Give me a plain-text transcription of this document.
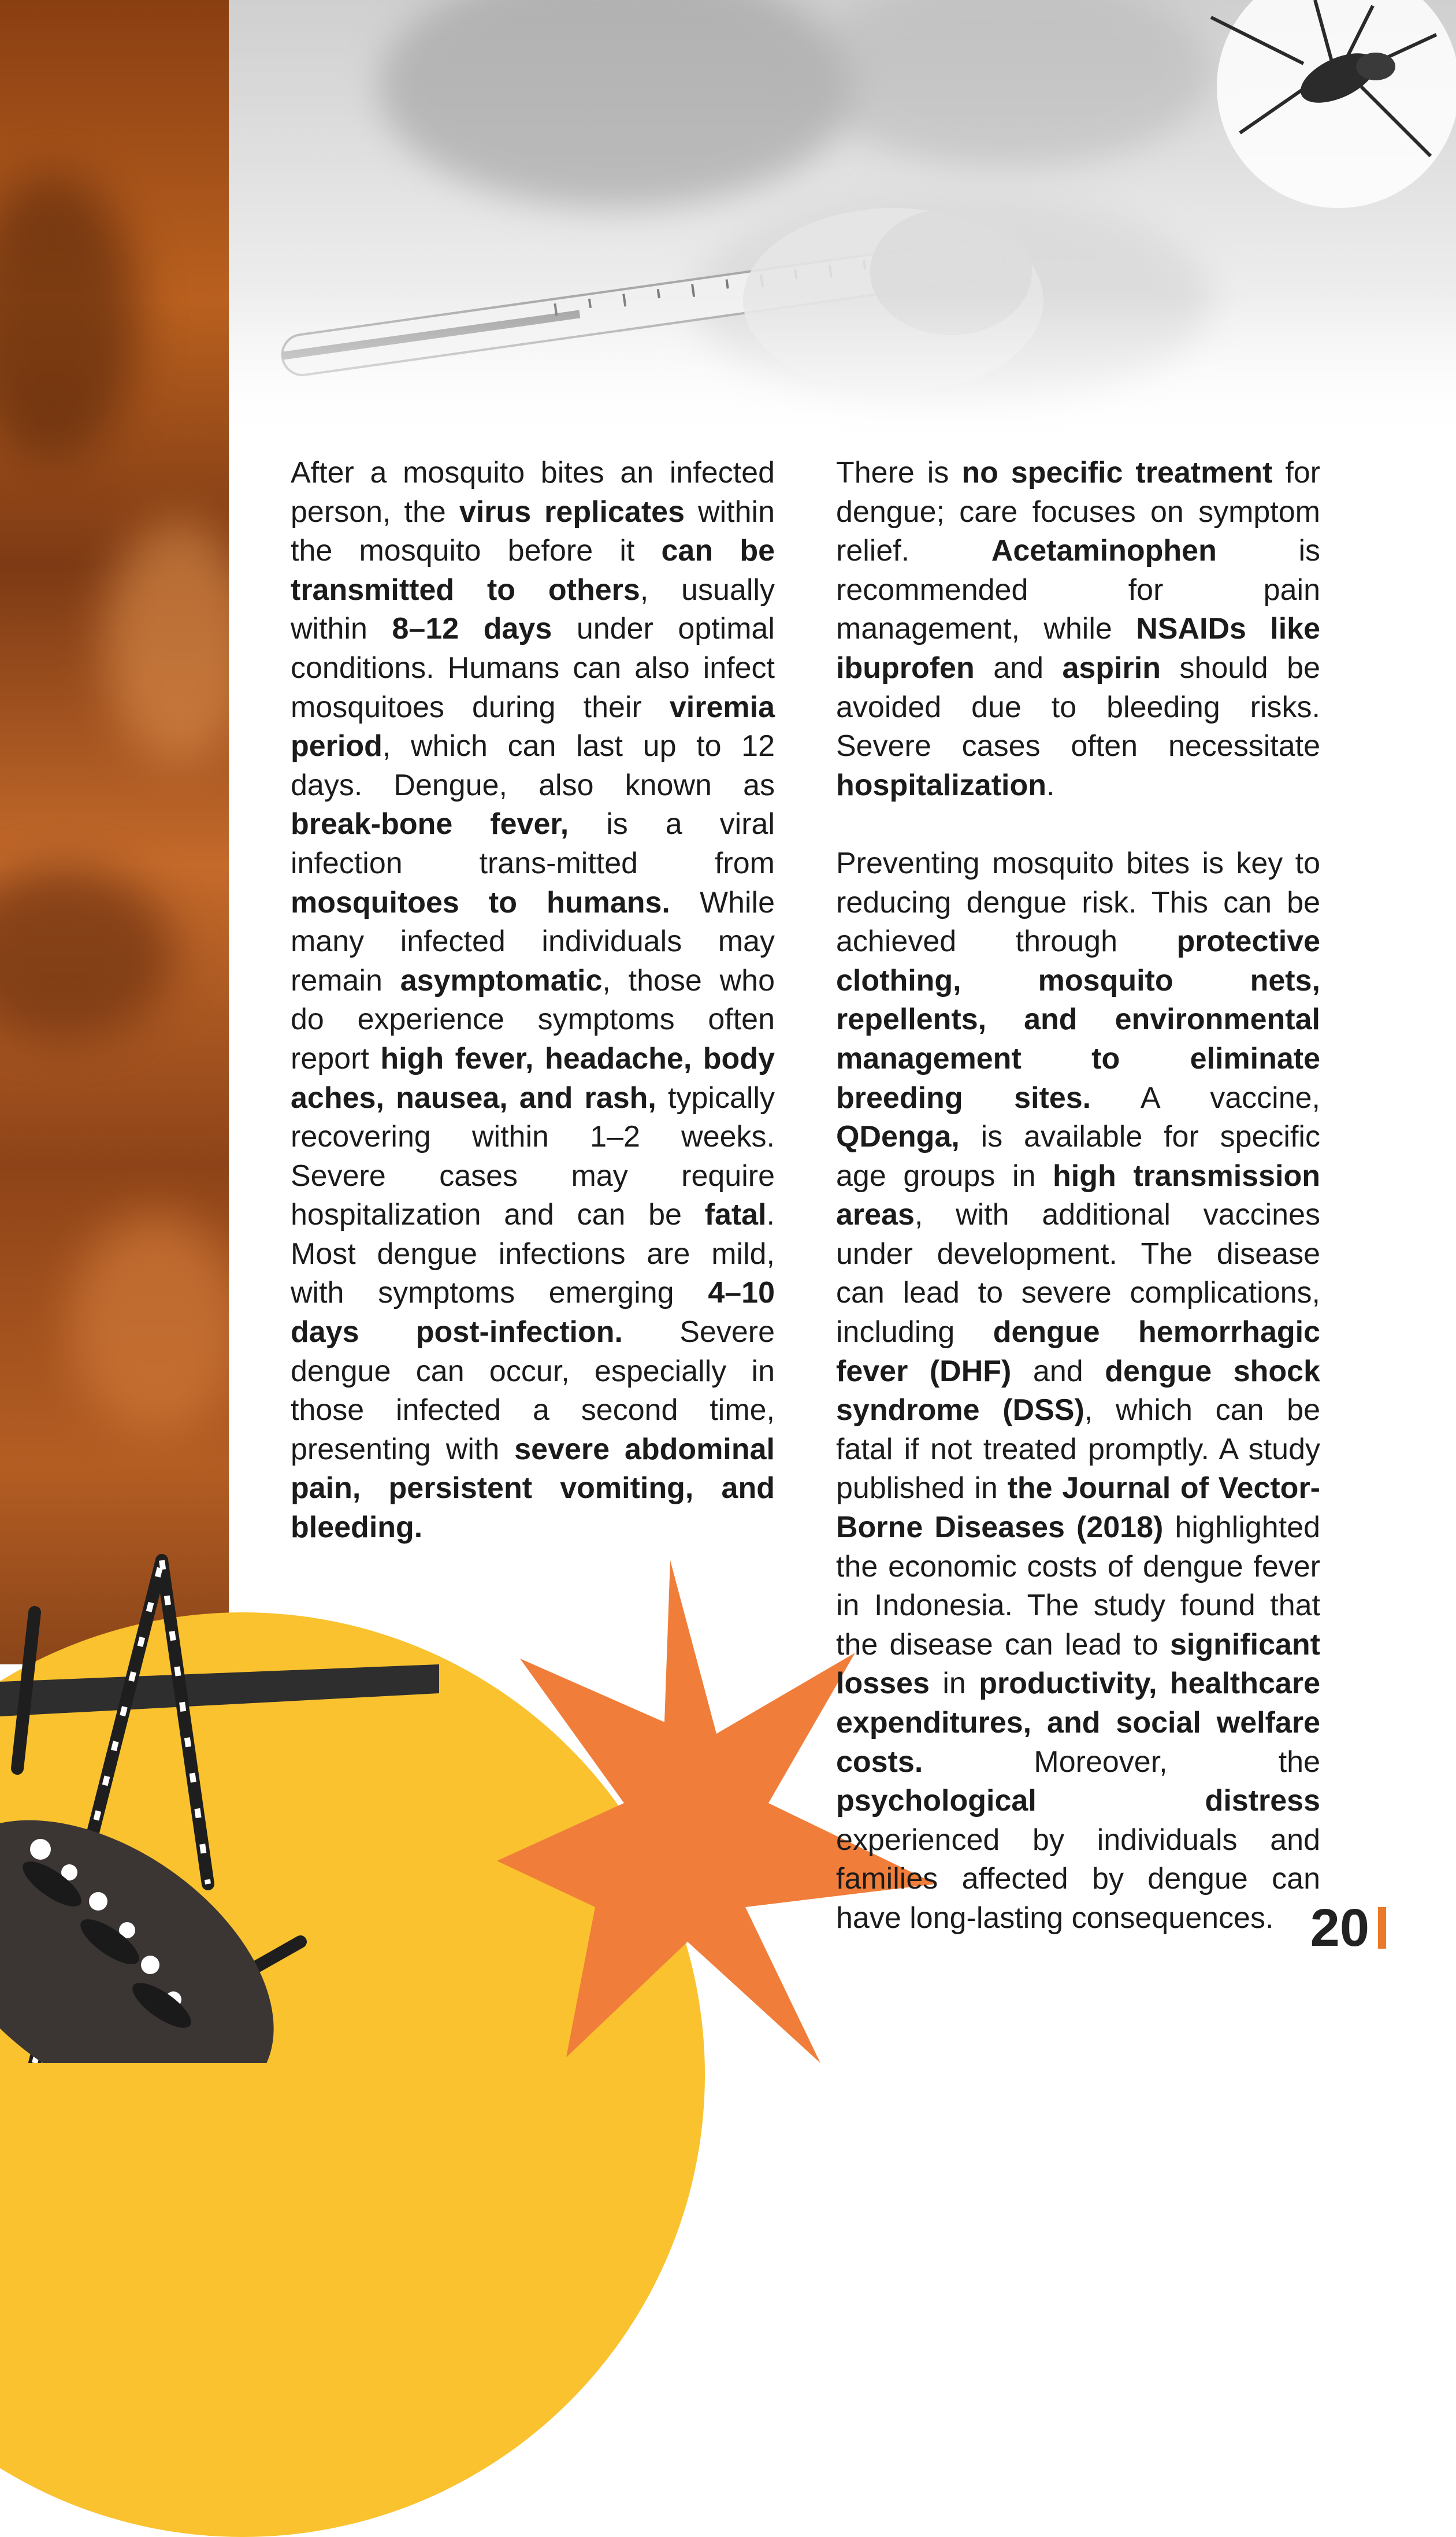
After a mosquito bites an infected person, the virus replicates within the mosquito before it can be transmitted to others, usually within 8–12 days under optimal conditions. Humans can also infect mosquitoes during their viremia period, which can last up to 12 days. Dengue, also known as break-bone fever, is a viral infection trans-mitted from mosquitoes to humans. While many infected individuals may remain asymptomatic, those who do experience symptoms often report high fever, headache, body aches, nausea, and rash, typically recovering within 1–2 weeks. Severe cases may require hospitalization and can be fatal. Most dengue infections are mild, with symptoms emerging 4–10 days post-infection. Severe dengue can occur, especially in those infected a second time, presenting with severe abdominal pain, persistent vomiting, and bleeding.

There is no specific treatment for dengue; care focuses on symptom relief. Acetaminophen is recommended for pain management, while NSAIDs like ibuprofen and aspirin should be avoided due to bleeding risks. Severe cases often necessitate hospitalization.

Preventing mosquito bites is key to reducing dengue risk. This can be achieved through protective clothing, mosquito nets, repellents, and environmental management to eliminate breeding sites. A vaccine, QDenga, is available for specific age groups in high transmission areas, with additional vaccines under development. The disease can lead to severe complications, including dengue hemorrhagic fever (DHF) and dengue shock syndrome (DSS), which can be fatal if not treated promptly. A study published in the Journal of Vector-Borne Diseases (2018) highlighted the economic costs of dengue fever in Indonesia. The study found that the disease can lead to significant losses in productivity, healthcare expenditures, and social welfare costs. Moreover, the psychological distress experienced by individuals and families affected by dengue can have long-lasting consequences. 20
